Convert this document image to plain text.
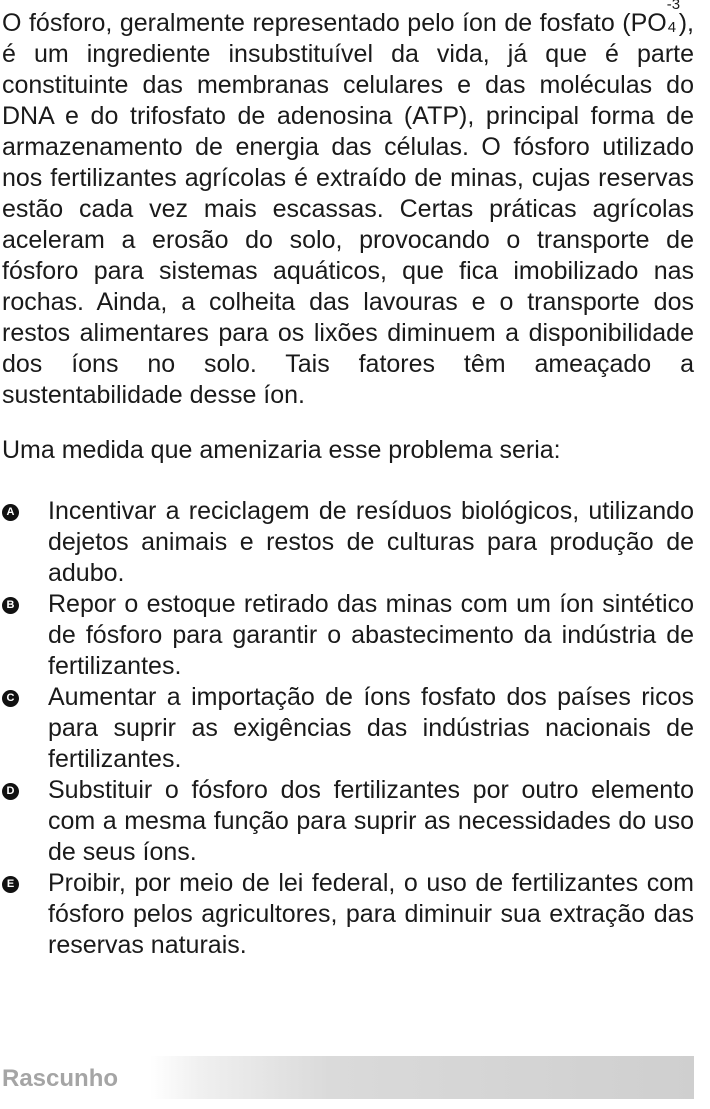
O fósforo, geralmente representado pelo íon de fosfato (PO
-3
4 ), é um ingrediente insubstituível da vida, já que é parte constituinte das membranas celulares e das moléculas do DNA e do trifosfato de adenosina (ATP), principal forma de armazenamento de energia das células. O fósforo utilizado nos fertilizantes agrícolas é extraído de minas, cujas reservas estão cada vez mais escassas. Certas práticas agrícolas aceleram a erosão do solo, provocando o transporte de fósforo para sistemas aquáticos, que fica imobilizado nas rochas. Ainda, a colheita das lavouras e o transporte dos restos alimentares para os lixões diminuem a disponibilidade dos íons no solo. Tais fatores têm ameaçado a sustentabilidade desse íon.

Uma medida que amenizaria esse problema seria:

A Incentivar a reciclagem de resíduos biológicos, utilizando dejetos animais e restos de culturas para produção de adubo.
B Repor o estoque retirado das minas com um íon sintético de fósforo para garantir o abastecimento da indústria de fertilizantes.
C Aumentar a importação de íons fosfato dos países ricos para suprir as exigências das indústrias nacionais de fertilizantes.
D Substituir o fósforo dos fertilizantes por outro elemento com a mesma função para suprir as necessidades do uso de seus íons.
E Proibir, por meio de lei federal, o uso de fertilizantes com fósforo pelos agricultores, para diminuir sua extração das reservas naturais.
Rascunho
